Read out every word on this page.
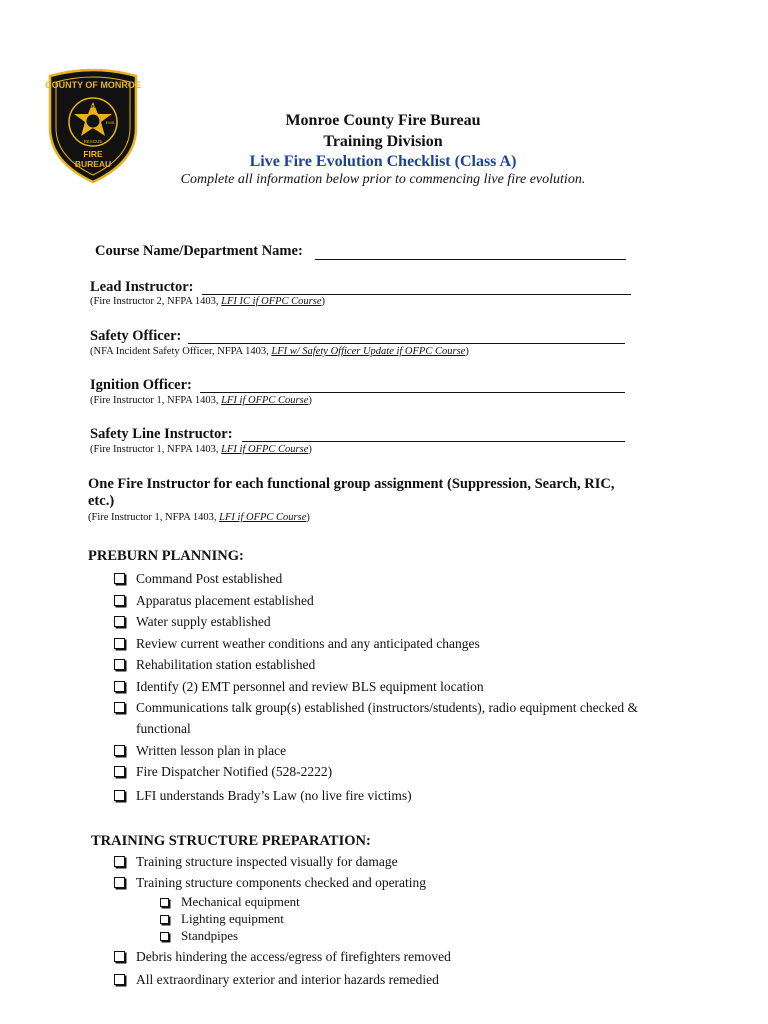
COUNTY OF MONROE
FIRE
EMS
RESCUE
FIRE
BUREAU
Monroe County Fire Bureau
Training Division
Live Fire Evolution Checklist (Class A)
Complete all information below prior to commencing live fire evolution.
Course Name/Department Name:
Lead Instructor:
(Fire Instructor 2, NFPA 1403, LFI IC if OFPC Course)
Safety Officer:
(NFA Incident Safety Officer, NFPA 1403, LFI w/ Safety Officer Update if OFPC Course)
Ignition Officer:
(Fire Instructor 1, NFPA 1403, LFI if OFPC Course)
Safety Line Instructor:
(Fire Instructor 1, NFPA 1403, LFI if OFPC Course)
One Fire Instructor for each functional group assignment (Suppression, Search, RIC,
etc.)
(Fire Instructor 1, NFPA 1403, LFI if OFPC Course)
PREBURN PLANNING:
Command Post established
Apparatus placement established
Water supply established
Review current weather conditions and any anticipated changes
Rehabilitation station established
Identify (2) EMT personnel and review BLS equipment location
Communications talk group(s) established (instructors/students), radio equipment checked &
functional
Written lesson plan in place
Fire Dispatcher Notified (528-2222)
LFI understands Brady’s Law (no live fire victims)
TRAINING STRUCTURE PREPARATION:
Training structure inspected visually for damage
Training structure components checked and operating
Mechanical equipment
Lighting equipment
Standpipes
Debris hindering the access/egress of firefighters removed
All extraordinary exterior and interior hazards remedied
